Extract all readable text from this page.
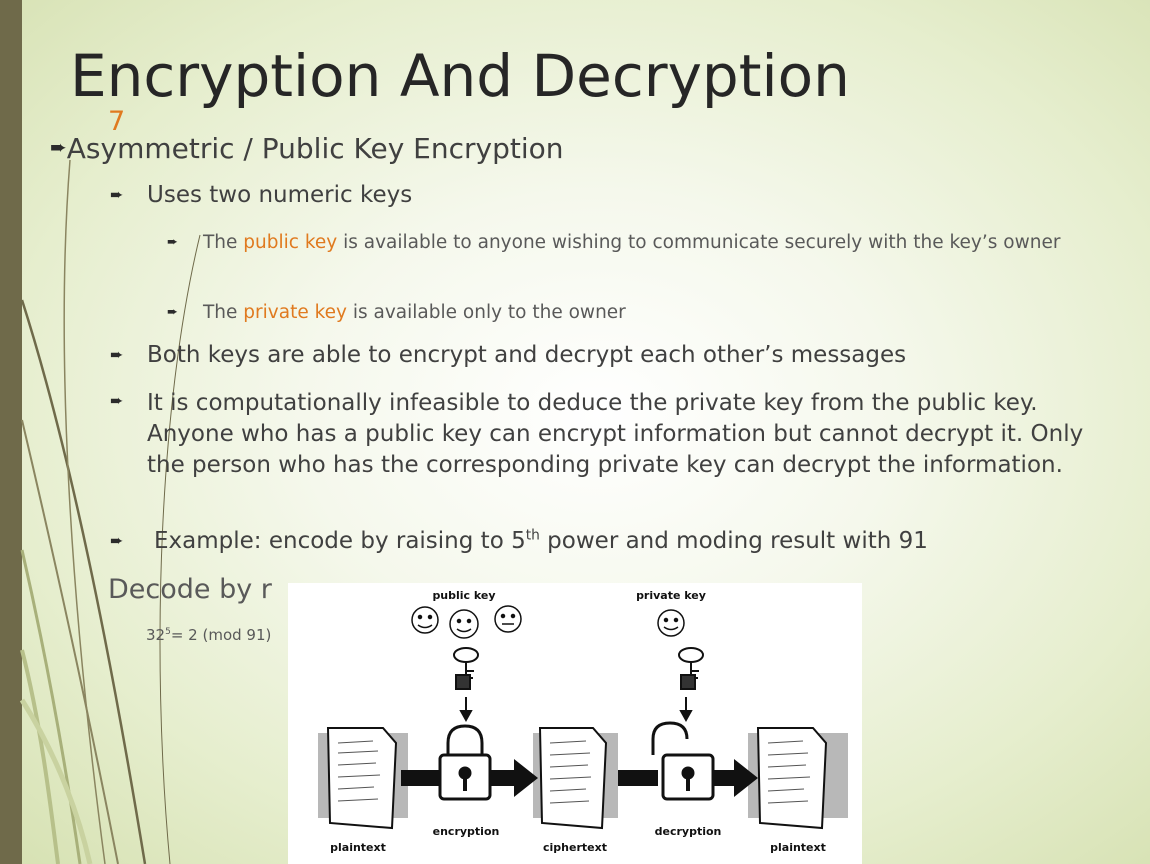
Encryption And Decryption
7
➨ Asymmetric / Public Key Encryption
➨	Uses two numeric keys
➨	The public key is available to anyone wishing to communicate securely with the key’s owner
➨	The private key is available only to the owner
➨	Both keys are able to encrypt and decrypt each other’s messages
➨	It is computationally infeasible to deduce the private key from the public key. Anyone who has a public key can encrypt information but cannot decrypt it. Only the person who has the corresponding private key can decrypt the information.
➨	Example: encode by raising to 5th power and moding result with 91
Decode by r
$32^5= 2$ (mod 91)
public key	private key
encryption	decryption
plaintext	ciphertext	plaintext
